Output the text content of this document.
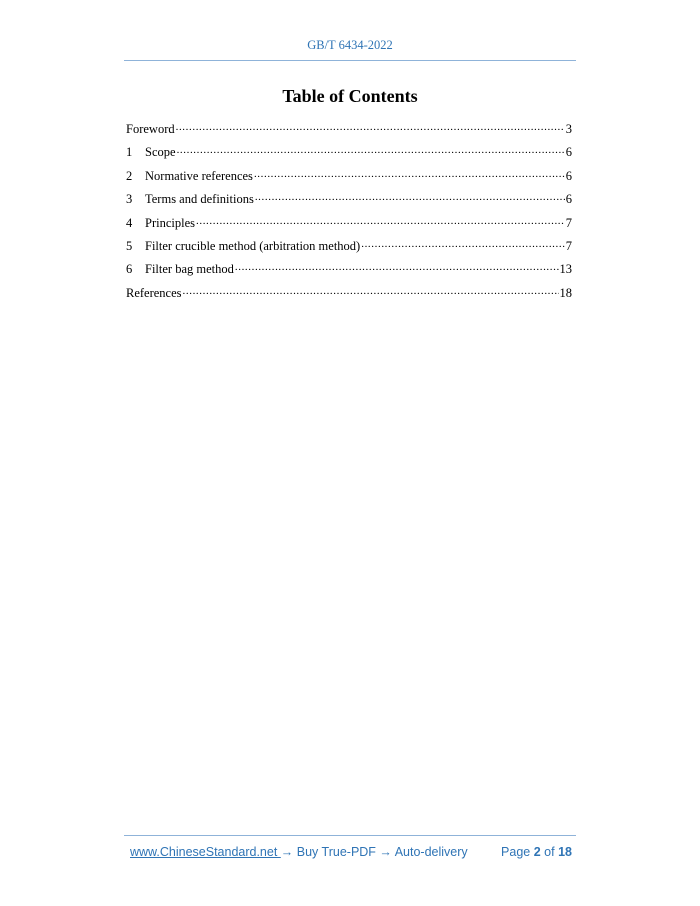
GB/T 6434-2022
Table of Contents
Foreword .....	3
1	Scope .....	6
2	Normative references .....	6
3	Terms and definitions .....	6
4	Principles .....	7
5	Filter crucible method (arbitration method) .....	7
6	Filter bag method .....	13
References .....	18
www.ChineseStandard.net → Buy True-PDF → Auto-delivery	Page 2 of 18
